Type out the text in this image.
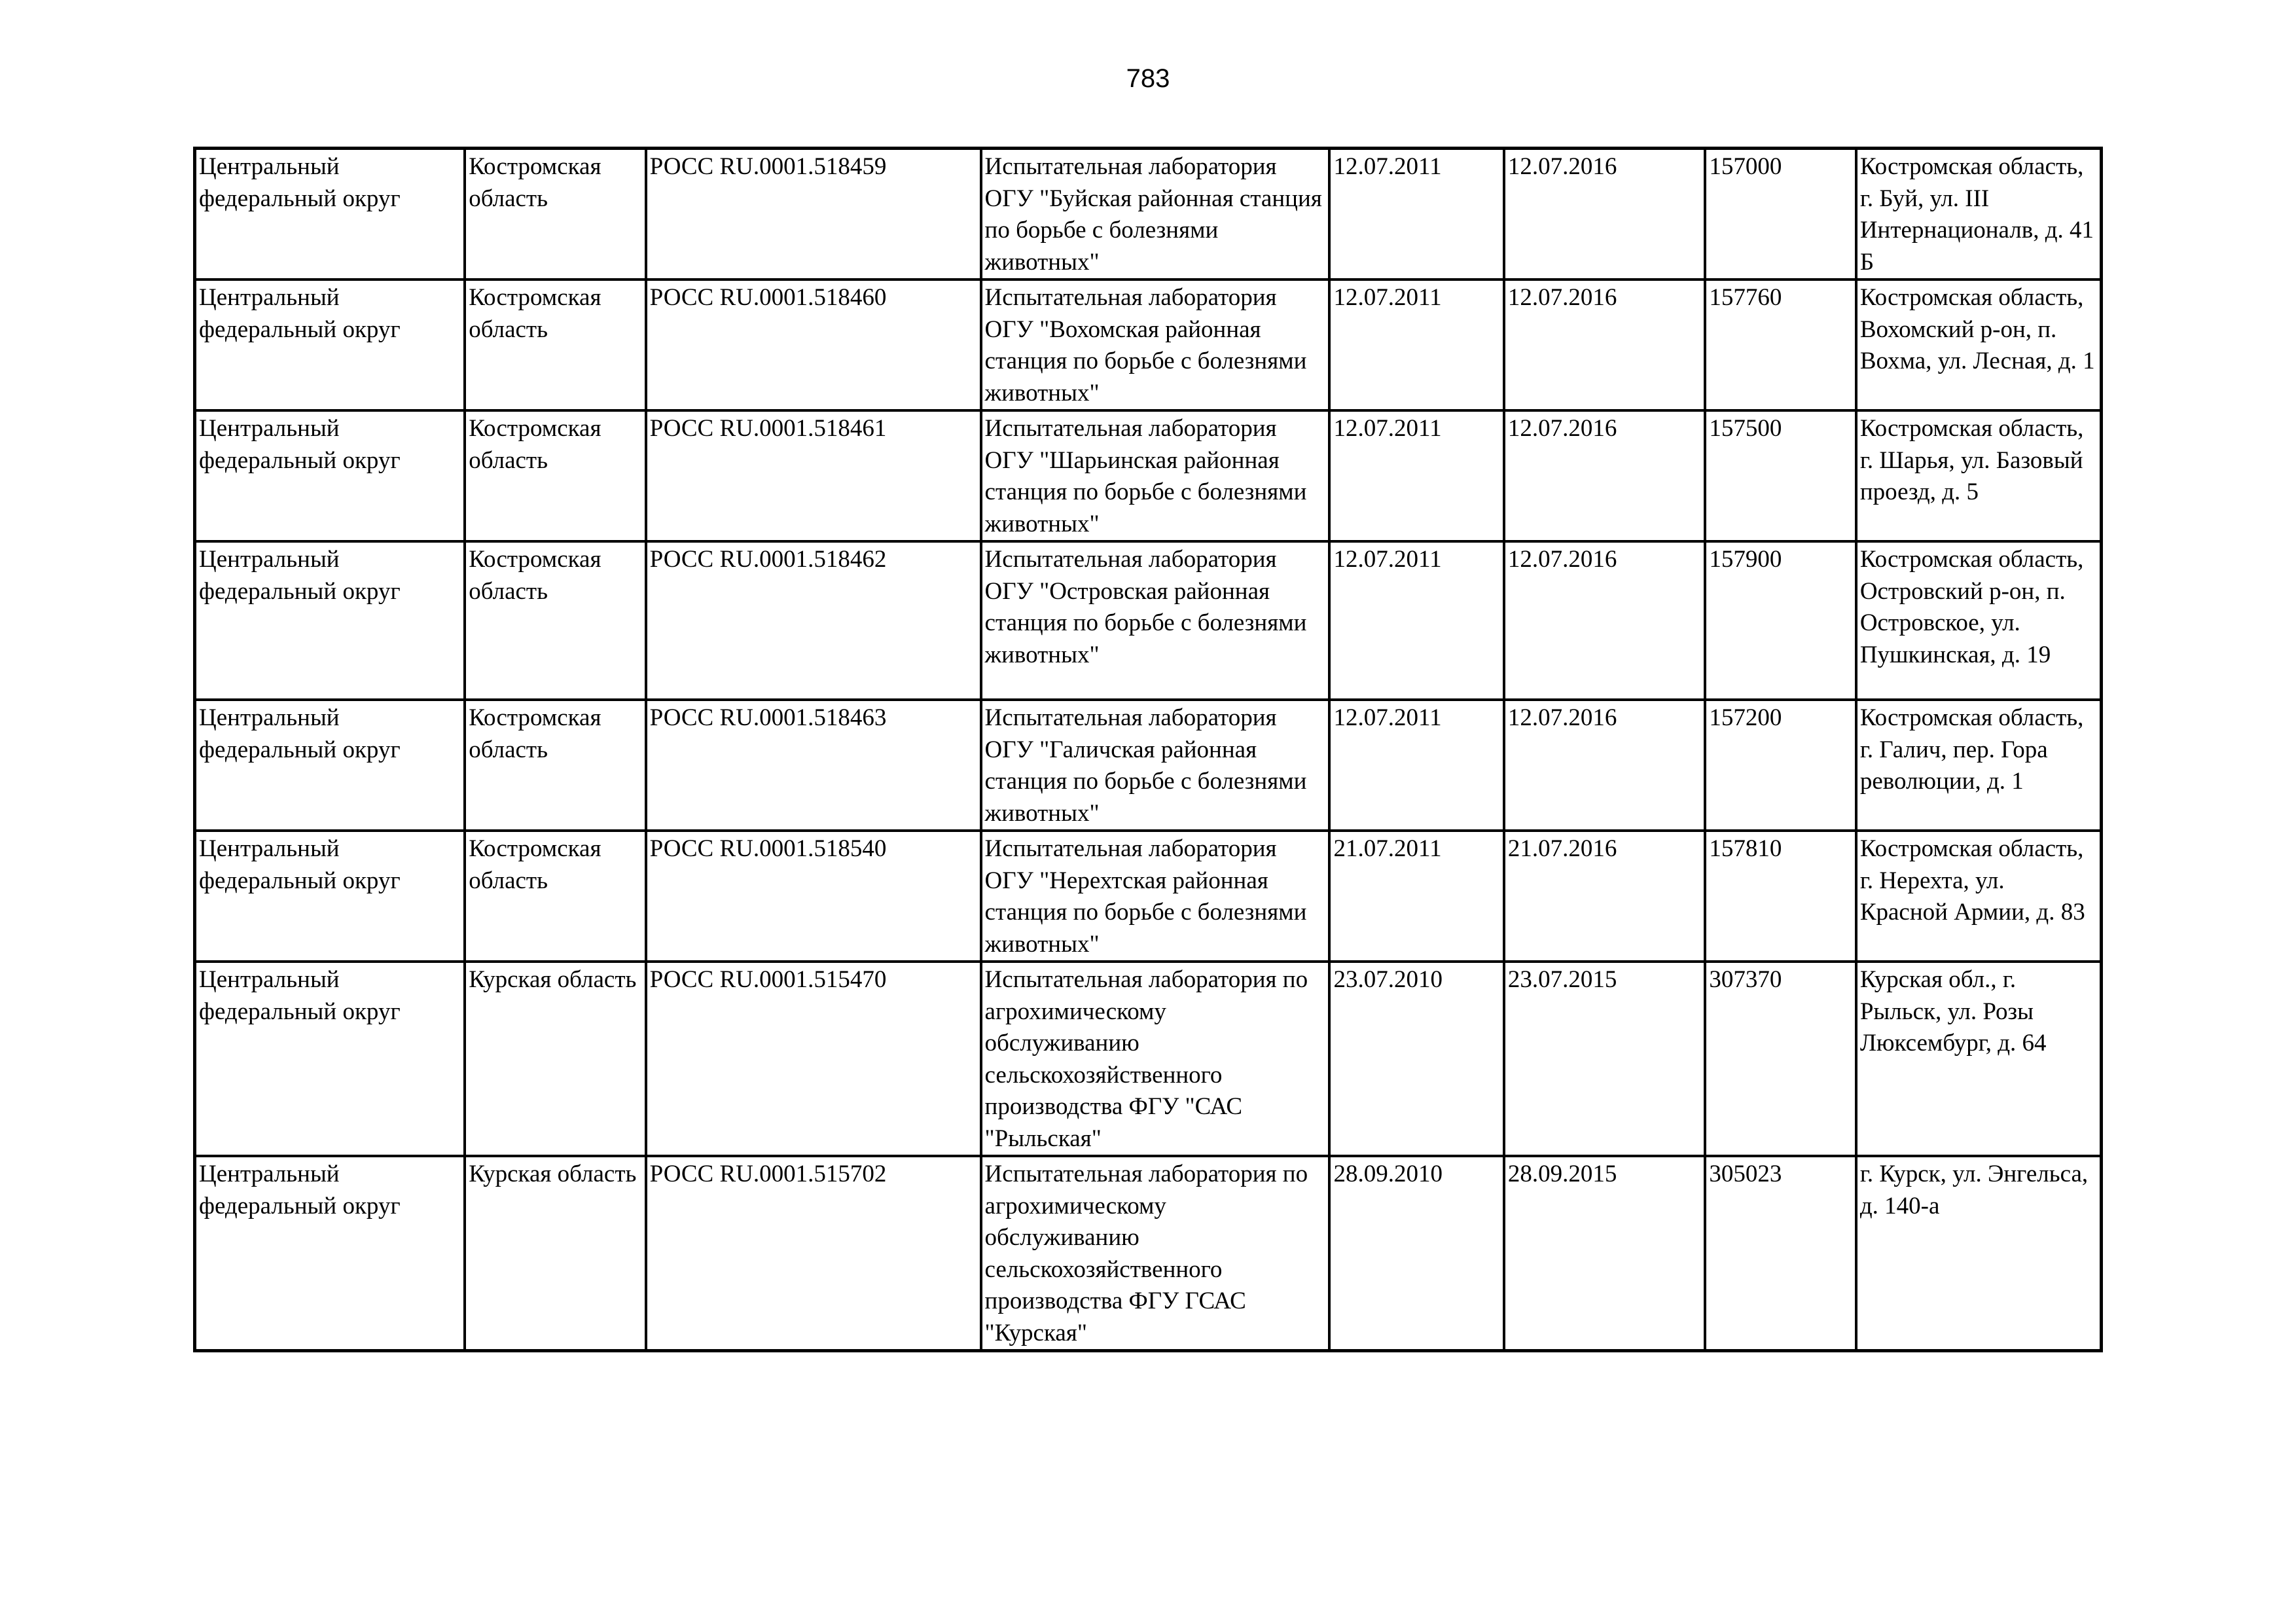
783
Центральный федеральный округ	Костромская область	РОСС RU.0001.518459	Испытательная лаборатория ОГУ "Буйская районная станция по борьбе с болезнями животных"	12.07.2011	12.07.2016	157000	Костромская область, г. Буй, ул. III Интернационалв, д. 41 Б
Центральный федеральный округ	Костромская область	РОСС RU.0001.518460	Испытательная лаборатория ОГУ "Вохомская районная станция по борьбе с болезнями животных"	12.07.2011	12.07.2016	157760	Костромская область, Вохомский р-он, п. Вохма, ул. Лесная, д. 1
Центральный федеральный округ	Костромская область	РОСС RU.0001.518461	Испытательная лаборатория ОГУ "Шарьинская районная станция по борьбе с болезнями животных"	12.07.2011	12.07.2016	157500	Костромская область, г. Шарья, ул. Базовый проезд, д. 5
Центральный федеральный округ	Костромская область	РОСС RU.0001.518462	Испытательная лаборатория ОГУ "Островская районная станция по борьбе с болезнями животных"	12.07.2011	12.07.2016	157900	Костромская область, Островский р-он, п. Островское, ул. Пушкинская, д. 19
Центральный федеральный округ	Костромская область	РОСС RU.0001.518463	Испытательная лаборатория ОГУ "Галичская районная станция по борьбе с болезнями животных"	12.07.2011	12.07.2016	157200	Костромская область, г. Галич, пер. Гора революции, д. 1
Центральный федеральный округ	Костромская область	РОСС RU.0001.518540	Испытательная лаборатория ОГУ "Нерехтская районная станция по борьбе с болезнями животных"	21.07.2011	21.07.2016	157810	Костромская область, г. Нерехта, ул. Красной Армии, д. 83
Центральный федеральный округ	Курская область	РОСС RU.0001.515470	Испытательная лаборатория по агрохимическому обслуживанию сельскохозяйственного производства ФГУ "САС "Рыльская"	23.07.2010	23.07.2015	307370	Курская обл., г. Рыльск, ул. Розы Люксембург, д. 64
Центральный федеральный округ	Курская область	РОСС RU.0001.515702	Испытательная лаборатория по агрохимическому обслуживанию сельскохозяйственного производства ФГУ ГСАС "Курская"	28.09.2010	28.09.2015	305023	г. Курск, ул. Энгельса, д. 140-а
